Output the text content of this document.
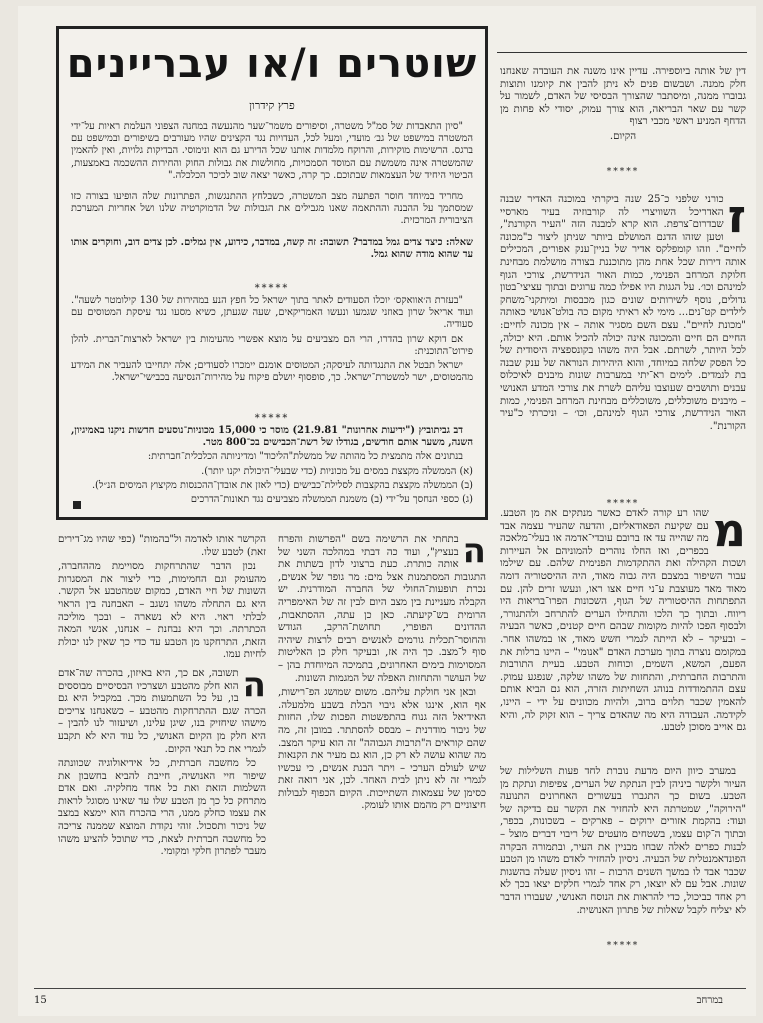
דין של אותה ביוספירה. עדיין אינו משנה את העובדה שאנחנו חלק ממנה. ושבשום פנים לא ניתן להבין את קיומנו ותוצות גבוברו ממנה, ומיסתבר שהצורך הבסיסי של האדם, לשמור על קשר עם שאר הבריאה, הוא צורך עמוק, יסודי לא פחות מן הדחף המניע ראשי מכבי רצוף

הקיום.

*****

ז
כורני שלפני כ־25 שנה ביקרתי במוכנה האדיר שבנה האדריכל השוויצרי לה קורבוזיה בעיר מארסיי שבדרום־צרפת. הוא קרא למבנה הזה "העיר הקורנת", וטען שזהו הדגם המושלם ביותר שניתן ליצור כ"מכונה לחיים". וזהו קומפלקס אדיר של בניין־ענק אפורים, המכילים אותה דירות שכל אחת מהן מתוכננת בצורה מושלמת מבחינת חלוקת המרחב הפנימי, כמות האור הנידרשת, צורכי הגוף למינהם וכו׳. על הגגות היו אפילו כמה ערוגים ובתוך עציצי־בטון גדולים, נוסף לשירותים שונים כגון מכבסות ומיתקני־משחק לילדים קט־נים... מימי לא ראיתי מקום כה בולט־אנושי כאותה "מכונת לחיים". עצם השם מסגיר אותה – אין מכונה לחיים: החיים הם חיים והמכונה אינה יכולה להכיל אותם. היא יכולה, לכל היותר, לשרתם. אבל היה משהו בקונספציה היסודית של כל הפסק שלחה במיוחד, והוא היהירות הנוראה של ענק שבנה בת לנמדים. לימים רא־יתי במערבות שונות מיבנים לאיכלוס עבנים ותושבים שעוצבו עליהם לשרת את צורכי המדע האנושי – מיבנים משוכללים, משוכללים מבחינת המרחב הפנימי, כמות האור הנידרשת, צורכי הגוף למינהם, וכו׳ – וניכרתי כ"עיר הקורנת".

*****	מ
שהו רע קורה לאדם כאשר מנתקים את מן הטבע. עם שקיעת הפאודאליזם, והדעה שהעיר עצמה אבד מה שהייה עד אז ברובם עובדי־אדמה או בעלי־מלאכה בכפרים, ואז החלו נוהרים להמוניהם אל העיירות ושכות הקהילה ואת ההתקדמות הפנימית שלהם. עם שילמו עבור השיפור במצבם היה גבוה מאוד, היה ההיסטוריה דומה מאוד מאד מעוצבת ע־ני חיים אצו ראו, ונעשו זרים להן. עם התפתחות ההיסטוריה של הגוף, השכונות הפרו־בריאות היו ריווח. ובתוך כך הלכו והתחילו הערים להתרחב ולהתגורר, ולבסוף הפכו להיות מקומות שבהם חיים קטנים, כאשר הבעיה – ובעיקר – לא הייתה לגמרי חשש מאוד, או במשהו אחר. במקומם נוצרה בתוך מערכת האדם "אנומי" – היינו ברלות את הפעם, המשא, השמים, וכוחות הטבע. בעיית התורבות והתרבות החברתית, והתחזות של משהו שלקה, שנפגע עמוק. עצם ההתמודדות בנוהג השחיתות הזרה, הוא גם הביא אותם להאמין שכבר תלוים ברוב, ולהיות מכוונים על ידי – היינו, לקידמה. העבודה היא מה שהאדם צריך – הוא זקוק לה, והיא גם אוייב מסוכן לטבע.

במערב כיוון היום מדעת נוברת לחד פעות השלילות של העיור ולקשר ביניהן לבין הנתקת של הערים, צפיפות ונתקת מן הטבע. בשום כך התגברו בעשורים האחרונים התנועה "הירוקה", שמטרתה היא להחזיר את הקשר עם בדיקה של ועוד: בהקמת אזורים ירוקים – פארקים – בשכונות, בכפר, ובתוך ה־קום עצמו, בשטחים מועטים של ריבוי דברים מוצל – לבנות כפרים לאלה שבחו מבניין את העיר, ובתמורה הבקרה הפונדאמנטלית של הבעיה. ניסיון להחזיר לאדם משהו מן הטבע שכבר אבד לו במשך השנים הרבות – זהו ניסיון שעלה בהשגות שונות. אבל עם לא יוצאו, רק אחד לגמרי חלקים יצאו בכך לא רק אחד כביכול, כדי להראות את הנוסח האנושי, שעבורו הדבר לא יצליח לקבל שאלות של פתרון האנושית.

*****
שוטרים ו/או עבריינים
פרץ קידרון

"סיון התאבדות של סמ"ל משטרה, וסיפורים משמר־שער מהנעשה במחנה הצפוני העלמת ראיות על־ידי המשטרה במישפט של גב׳ מועדי, ומעל לכל, העדויות נגד הקצינים שהיו מעורבים בשיפורים ובמישפט עם ברגס. הרשימות מוקירות, והרוקח מלמדות אותנו שכל הדירע גם הוא ונימוסי. הבדיקות גלויות, ואין להאמין שהמשטרה אינה משמשת עם המוסד הסמכויות, מחולשות את גבולות החוק והחירות ההשכמה באמצעות, הביטוי היחיד של העצמאות שבתוכם. כך קרה, כאשר יצאה שוב לכיכר הכלכלה."

מחריד במיוחד חוסר הפתעה מצב המשטרה, כשבלחץ ההתנגשות, הפתרונות שלה הופיעו בצורה כזו שמסתמך על ההבנה וההתאמה שאנו מגבילים את הגבולות של הדמוקרטיה שלנו ושל אחריות המערכת הציבורית המרכזית.

שאלה: כיצד צדים גמל במדבר? תשובה: זה קשה, במדבר, כידוע, אין גמלים. לכן צדים דוב, וחוקרים אותו עד שהוא מודה שהוא גמל.

*****

"בעזרת ה׳אוואקס׳ יוכלו הסעודים לאתר בתוך ישראל כל חפץ הנע במהירות של 130 קילומטר לשעה". ועוד אריאל שרון באוזני שגמעו ונעשו האמריקאים, שעה שגעתן, כשיא מסעו נגד עיסקת המטוסים עם סעודיה.

אם דוקא שרון בהדרו, הרי הם מצביעים על מוצא אפשרי מהעימות בין ישראל לארצות־הברית. להלן פירוט־התוכנית:

ישראל תבטל את התנגדותה לעיסקה; המטוסים אומנם יימכרו לסעודים; אלה יתחייבו להעביר את המידע מהמטוסים, ישר למשטרת־ישראל. כך, סופסוף יושלם פיקוח על מהירות־הנסיעה בכבישי־ישראל.

*****

דב גביתוביץ ("ידיעות אחרונות" 21.9.81) מוסר כי 15,000 מכוניות־נוסעים חדשות ניקנו באמיגיון, השנה, משער אותם חודשים, בגודלו של רשת־הכבישים בכ־800 מטר.

בנתונים אלה מתמצית כל מהותה של ממשלת"הליכוד" ומדיניותה הכלכלית־חברתית:

(א) הממשלה מקצצת במסים על מכוניות (כדי שבעלי־היכולת יקנו יותר).

(ב) הממשלה מקצצת בהקצבות לסלילת־כבישים (כדי לאזן את אובדן־ההכנסות מקיצוץ המיסים הנ״ל).

(ג) כספי הנחסך על־ידי (ב) משמנת הממשלה מצביעים נגד תאונות־הדרכים

ה
בתחתי את הרשימה בשם "הפרשות והפרח בעציץ", ועוד כה דבתי במהלכה השני של אותה כותרת. כעת ברצוני לדון בשתות את התגובות המסתמנות אצל מים: מר גופר של אנשים, נכרת תופעות־החולי של החברה המודרנית. יש הקבלה מעניינת בין מצב היום לבין זה של האימפריה הרומית בש־קיעתה. כאן כן עתה, ההסתאבות, ההדונים הפופרי, תחושת־הרקב, הגודש והחוסר־תכלית גורמים לאנשים רבים לרצות שיהיה סוף ל־מצב. כך היה אז, ובעיקר חלק כן האליטות המסוימות בימים האחרונים, בתמיכה המיוחדת בהן – של העושר והתחזות האפלה של המגמות השונות.

ובאן אני חולקת עליהם. משום שמושג הפ־רישות, אף הוא, אינגו אלא גיבוי הבלת בשבע מלמעלה. האידיאל הזה גנוח בהתפשטות הפכות שלו, החזות של גיבור מודרנית – מבסס להסתתר. במובן זה, מה שהם קוראים ה"תרבות הגבוהה" זה הוא עיקר המצב. מה שהוא עושה לא רק כן, הוא גם מעיר את הקנאות שיש לעולם הערכי – ויתר הבנת אנשים, כי עכשיו לגמרי זה לא ניתן לבית האחד. לכן, אני רואה זאת כסימן של עצמאות השתייכות. הקיום הכפוף לגבולות חיצוניים רק מהמם אותו לעומק.

הקרשר אותו לאדמה ול"בהמות" (כפי שהיו מג־דירים זאת) לטבע שלו.

נכון הדבר שהתרחקות מסויימת מההחברה, מהעומק וגם החמימות, כדי ליצור את המסגרות השונות של חיי האדם, כמקום שמהטבע אל הקשר. היא גם התחלה משהו נשגב – האבחנה בין הראוי לבלתי ראוי. היא לא נשארה – ובכך מוליכה הכתרתה. וכך היא נבחנת – אנחנו, אנשי המאה הזאת, התרחקנו מן הטבע עד כדי כך שאין לנו יכולת לחיות עמו.

ה
תשובה, אם כך, היא באיזון, בהכרה שה־אדם הוא חלק מהטבע ושצרכיו הבסיסיים מבוססים בו, על כל השתמעות מכך. במקביל היא גם הכרה שגם ההתרחקות מהטבע – כשאנחנו צריכים מישהו שיחזיק בנו, שיגן עלינו, ושיעזור לנו להבין – היא חלק מן הקיום האנושי, כל עוד היא לא תקבע לגמרי את כל תנאי הקיום.

כל מחשבה חברתית, כל אידיאולוגיה שכוונתה שיפור חיי האנושיה, חייבת להביא בחשבון את השלמות הזאת ואת כל אחד מחלקיה. ואם אדם מתרחק כל כך מן הטבע שלו עד שאינו מסוגל לראות את עצמו כחלק ממנו, הרי בהכרח הוא יימצא במצב של ניכור ותסכול. זוהי נקודת המוצא שממנה צריכה כל מחשבה חברתית לצאת, כדי שתוכל להציע משהו מעבר לפתרון חלקי ומקומי.

15	במרחב
